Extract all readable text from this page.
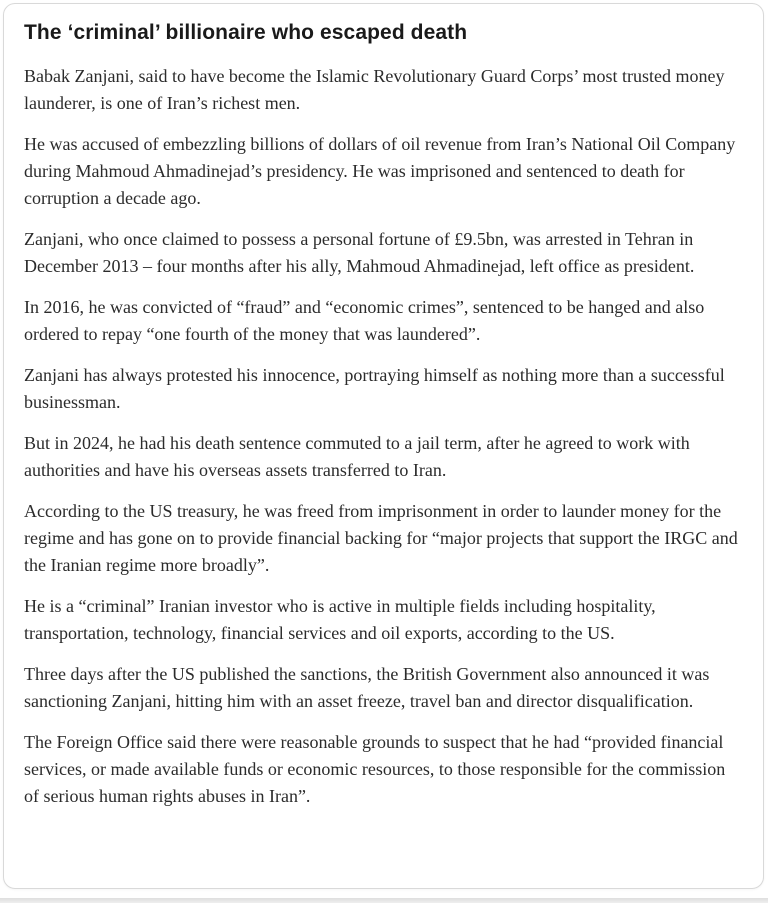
The ‘criminal’ billionaire who escaped death

Babak Zanjani, said to have become the Islamic Revolutionary Guard Corps’ most trusted money launderer, is one of Iran’s richest men.

He was accused of embezzling billions of dollars of oil revenue from Iran’s National Oil Company during Mahmoud Ahmadinejad’s presidency. He was imprisoned and sentenced to death for corruption a decade ago.

Zanjani, who once claimed to possess a personal fortune of £9.5bn, was arrested in Tehran in December 2013 – four months after his ally, Mahmoud Ahmadinejad, left office as president.

In 2016, he was convicted of “fraud” and “economic crimes”, sentenced to be hanged and also ordered to repay “one fourth of the money that was laundered”.

Zanjani has always protested his innocence, portraying himself as nothing more than a successful businessman.

But in 2024, he had his death sentence commuted to a jail term, after he agreed to work with authorities and have his overseas assets transferred to Iran.

According to the US treasury, he was freed from imprisonment in order to launder money for the regime and has gone on to provide financial backing for “major projects that support the IRGC and the Iranian regime more broadly”.

He is a “criminal” Iranian investor who is active in multiple fields including hospitality, transportation, technology, financial services and oil exports, according to the US.

Three days after the US published the sanctions, the British Government also announced it was sanctioning Zanjani, hitting him with an asset freeze, travel ban and director disqualification.

The Foreign Office said there were reasonable grounds to suspect that he had “provided financial services, or made available funds or economic resources, to those responsible for the commission of serious human rights abuses in Iran”.
